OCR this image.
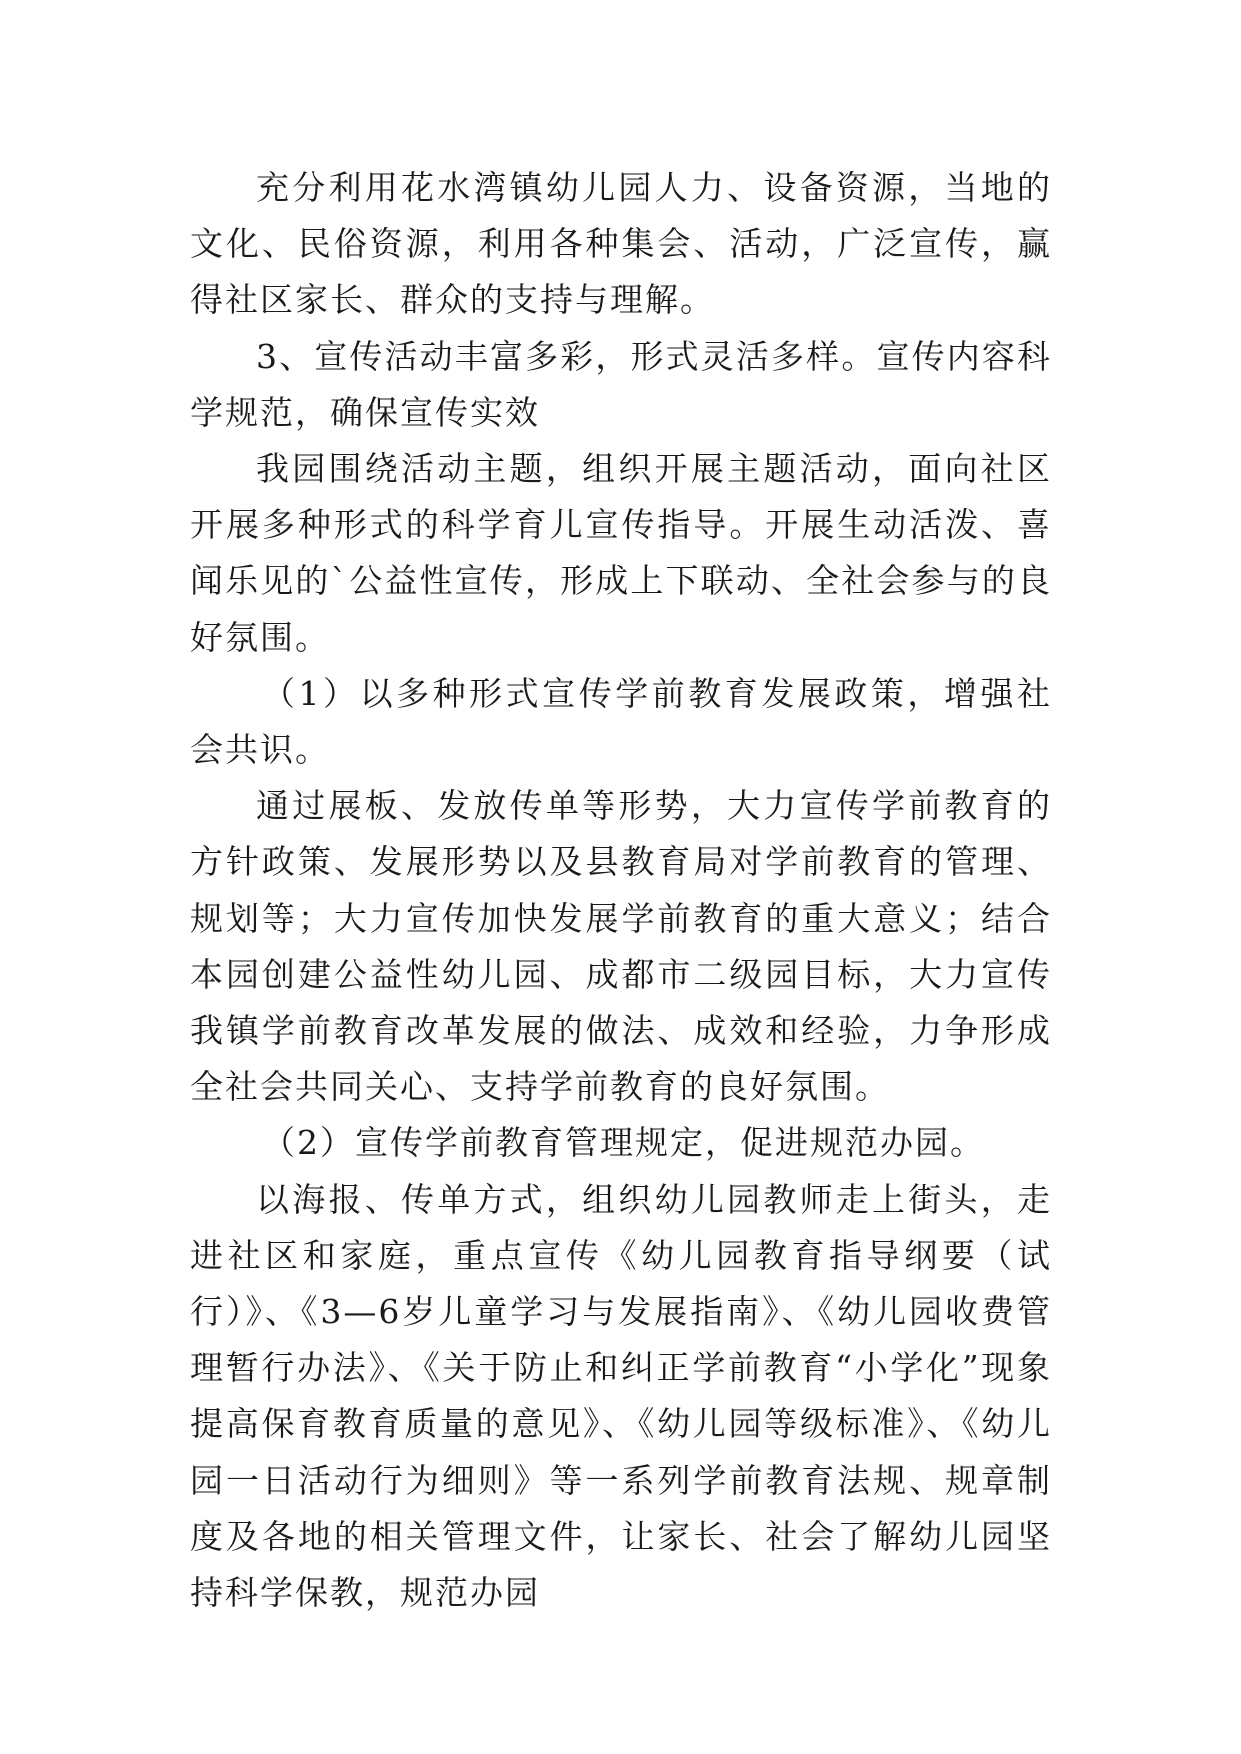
充分利用花水湾镇幼儿园人力、设备资源，当地的文化、民俗资源，利用各种集会、活动，广泛宣传，赢得社区家长、群众的支持与理解。

3、宣传活动丰富多彩，形式灵活多样。宣传内容科学规范，确保宣传实效

我园围绕活动主题，组织开展主题活动，面向社区开展多种形式的科学育儿宣传指导。开展生动活泼、喜闻乐见的`公益性宣传，形成上下联动、全社会参与的良好氛围。

（1）以多种形式宣传学前教育发展政策，增强社会共识。

通过展板、发放传单等形势，大力宣传学前教育的方针政策、发展形势以及县教育局对学前教育的管理、规划等；大力宣传加快发展学前教育的重大意义；结合本园创建公益性幼儿园、成都市二级园目标，大力宣传我镇学前教育改革发展的做法、成效和经验，力争形成全社会共同关心、支持学前教育的良好氛围。

（2）宣传学前教育管理规定，促进规范办园。

以海报、传单方式，组织幼儿园教师走上街头，走进社区和家庭，重点宣传《幼儿园教育指导纲要（试行）》、《3—6岁儿童学习与发展指南》、《幼儿园收费管理暂行办法》、《关于防止和纠正学前教育“小学化”现象提高保育教育质量的意见》、《幼儿园等级标准》、《幼儿园一日活动行为细则》等一系列学前教育法规、规章制度及各地的相关管理文件，让家长、社会了解幼儿园坚持科学保教，规范办园
